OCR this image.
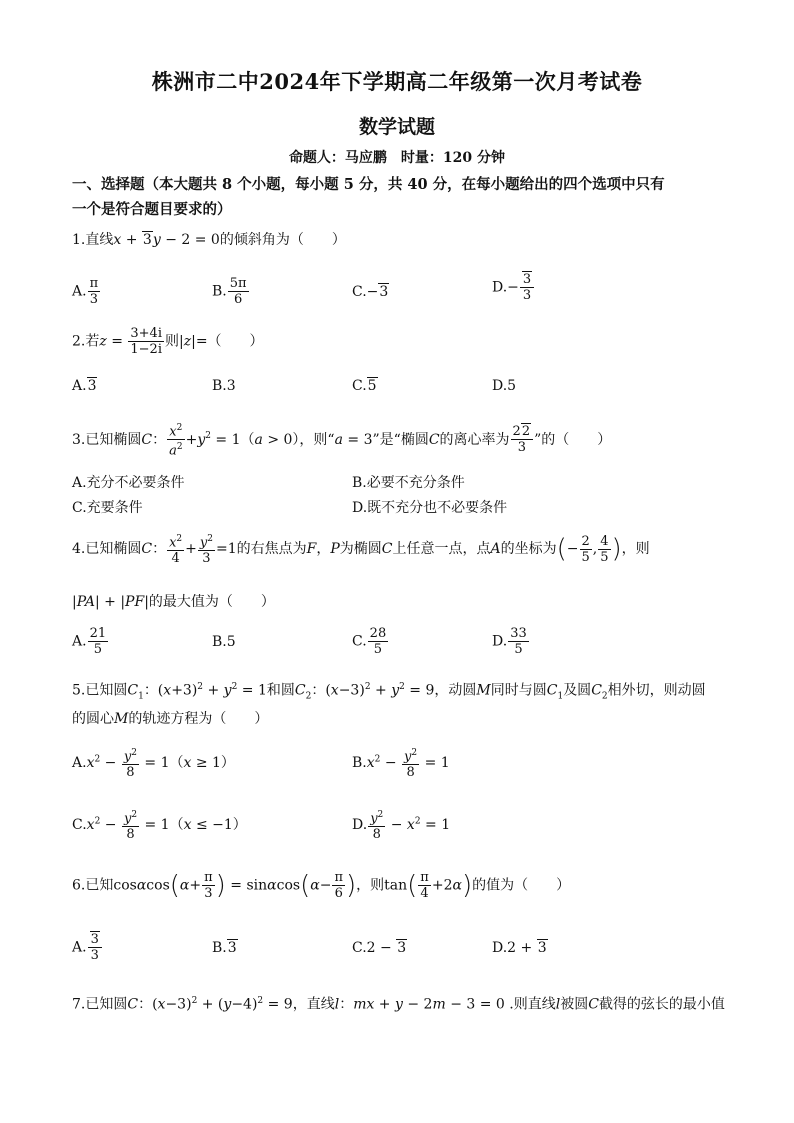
株洲市二中2024年下学期高二年级第一次月考试卷
数学试题
命题人：马应鹏　时量：120 分钟
一、选择题（本大题共 8 个小题，每小题 5 分，共 40 分，在每小题给出的四个选项中只有
一个是符合题目要求的）
1.直线x + 3y − 2 = 0的倾斜角为（　　）
A. $\frac{\pi}{3}$	B. $\frac{5\pi}{6}$	C.−3	$D.- \frac{3}{3}$
2.若$z = \frac{3+4i}{1-2i}$ 则|z|=（　　）
A.3	B.3	C.5	D.5
3.已知椭圆C： $\frac{x^2}{a^2} +y^2 = 1(a > 0)$，则“a = 3”是“椭圆C的离心率为 $\frac{22}{3}$ ”的（　　）
A.充分不必要条件	B.必要不充分条件
C.充要条件	D.既不充分也不必要条件
4.已知椭圆C： $\frac{x^2}{4} + \frac{y^2}{3} =1$的右焦点为F，P为椭圆C上任意一点，点A的坐标为(− $\frac{2}{5}$ , $\frac{4}{5}$ )，则
|PA| + |PF|的最大值为（　　）
A. $\frac{21}{5}$	B.5	C. $\frac{28}{5}$	D. $\frac{33}{5}$
5.已知圆$C_1$：$(x+3)^2 + y^2 = 1$和圆$C_2$：$(x-3)^2 + y^2 = 9$，动圆M同时与圆$C_1$及圆$C_2$相外切，则动圆
的圆心M的轨迹方程为（　　）
$A.x^2 - \frac{y^2}{8} = 1(x \ge 1)$	$B.x^2 - \frac{y^2}{8} = 1$
$C.x^2 - \frac{y^2}{8} = 1(x \le -1)$	D. $\frac{y^2}{8} - x^2 = 1$
6.已知$\cos\alpha\cos(\alpha+ \frac{\pi}{3}$ ) = $\sin\alpha\cos(\alpha- \frac{\pi}{6}$ )，则$\tan( \frac{\pi}{4} +2\alpha)$的值为（　　）
A. $\frac{3}{3}$	B.3	C.2 − 3	D.2 + 3
7.已知圆C：$(x-3)^2 + (y-4)^2 = 9$，直线l：mx + y − 2m − 3 = 0 .则直线l被圆C截得的弦长的最小值
